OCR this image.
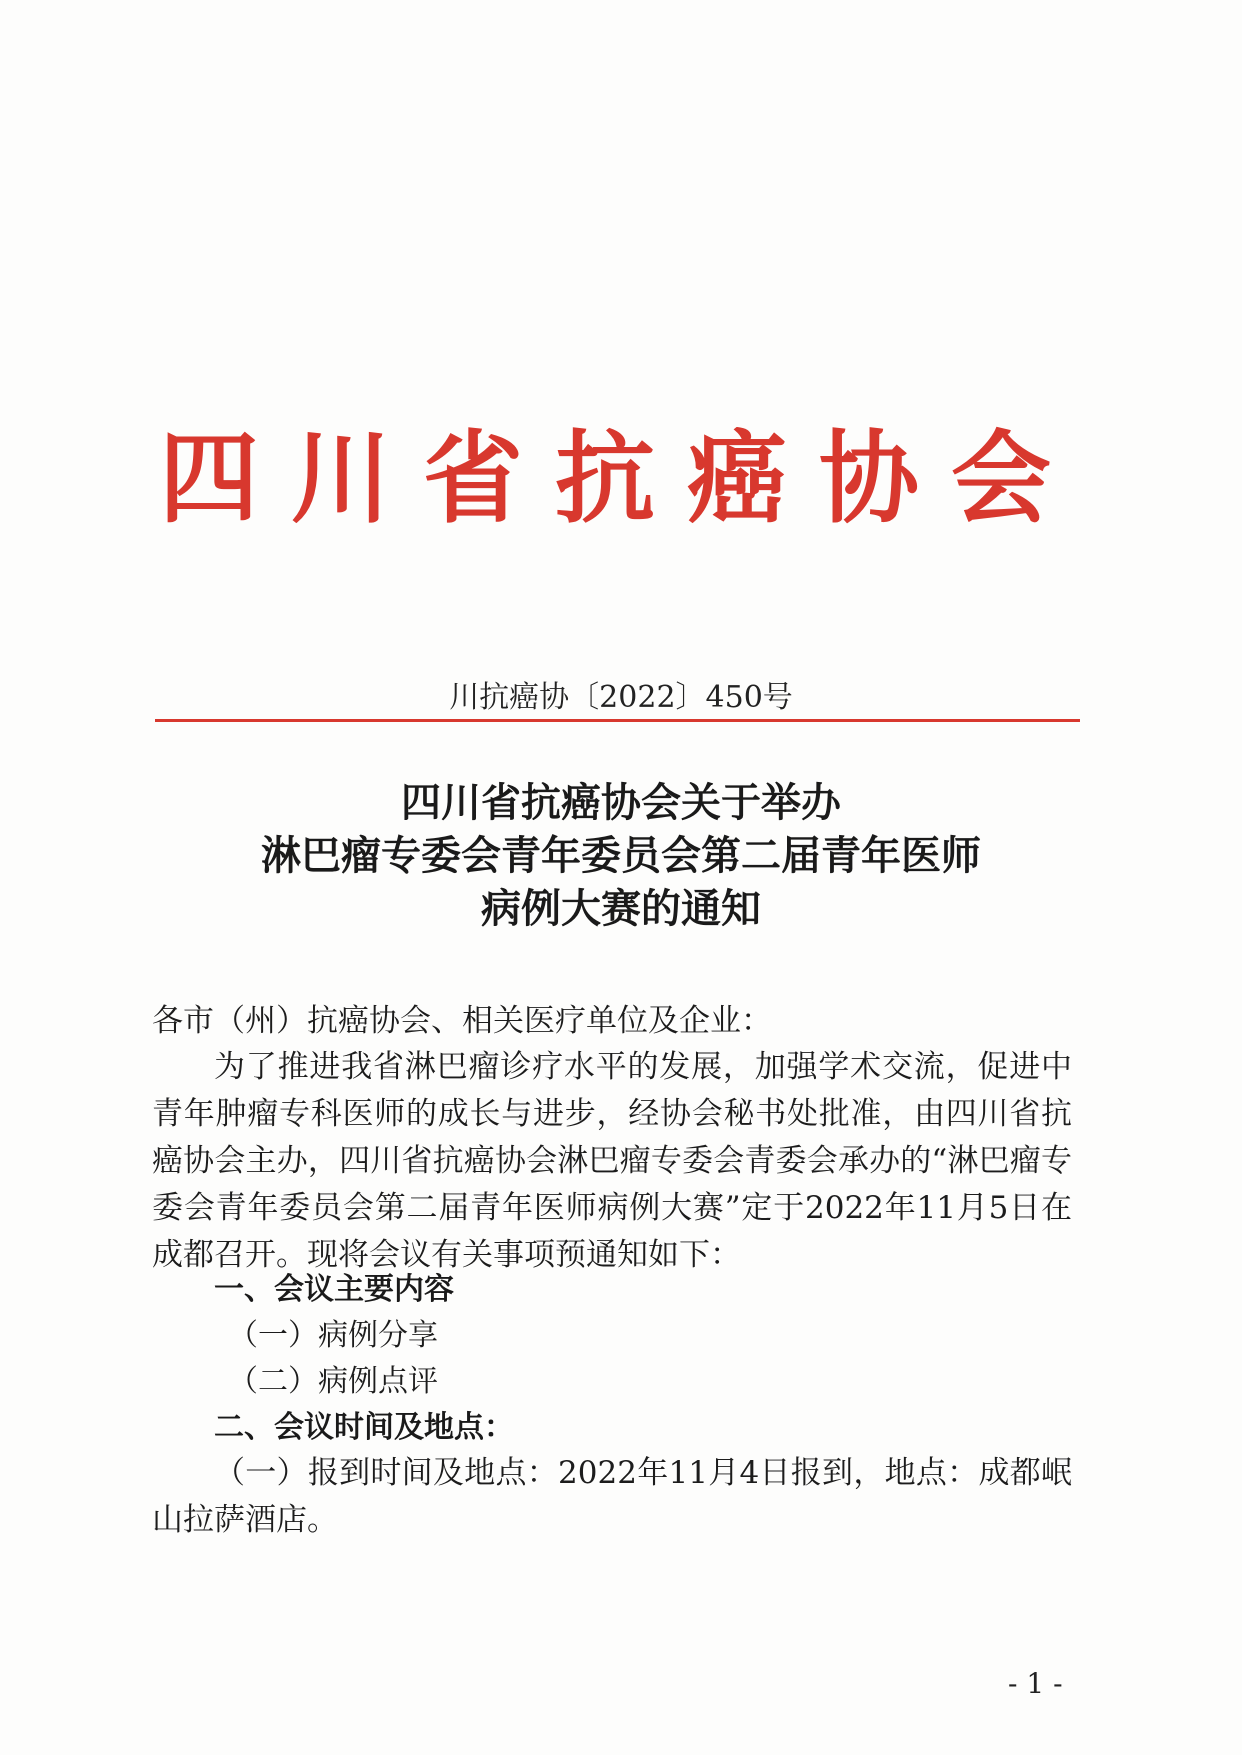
四川省抗癌协会
川抗癌协〔2022〕450号
四川省抗癌协会关于举办
淋巴瘤专委会青年委员会第二届青年医师
病例大赛的通知
各市（州）抗癌协会、相关医疗单位及企业：
为了推进我省淋巴瘤诊疗水平的发展，加强学术交流，促进中青年肿瘤专科医师的成长与进步，经协会秘书处批准，由四川省抗癌协会主办，四川省抗癌协会淋巴瘤专委会青委会承办的“淋巴瘤专委会青年委员会第二届青年医师病例大赛”定于2022年11月5日在成都召开。现将会议有关事项预通知如下：
一、会议主要内容
（一）病例分享
（二）病例点评
二、会议时间及地点：
（一）报到时间及地点：2022年11月4日报到，地点：成都岷山拉萨酒店。
- 1 -
